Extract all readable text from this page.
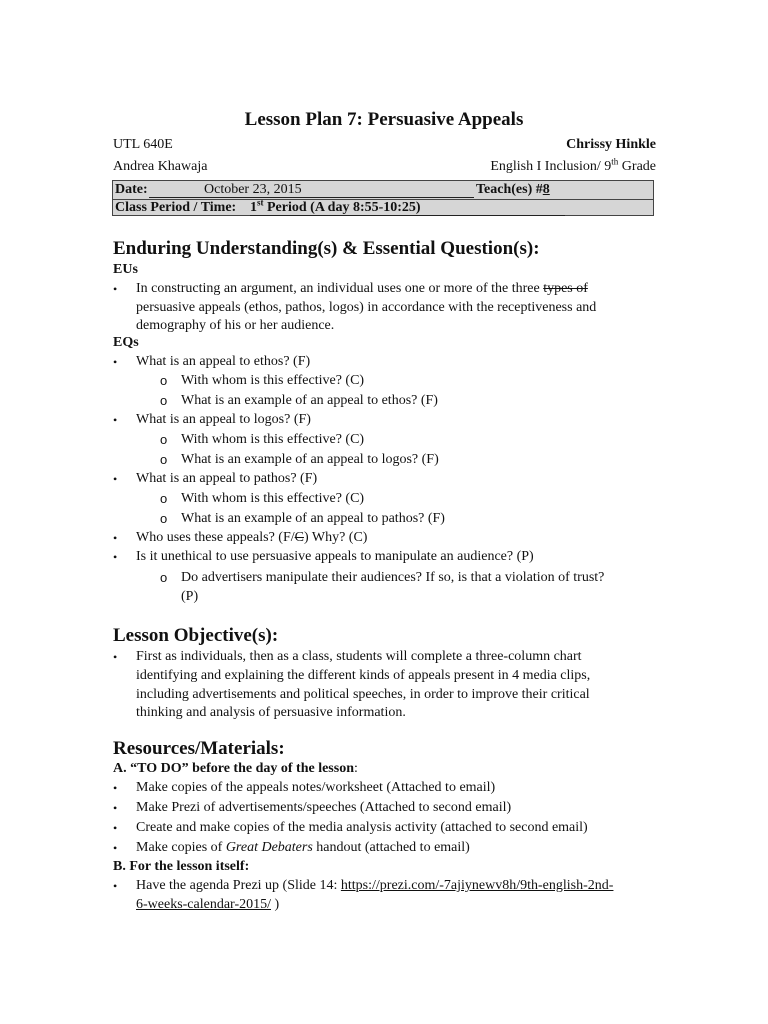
Lesson Plan 7: Persuasive Appeals
UTL 640E	Chrissy Hinkle
Andrea Khawaja	English I Inclusion/ 9th Grade
Date:	October 23, 2015	Teach(es) #8
Class Period / Time: 1st Period (A day 8:55-10:25)
Enduring Understanding(s) & Essential Question(s):
EUs
•	In constructing an argument, an individual uses one or more of the three types of
persuasive appeals (ethos, pathos, logos) in accordance with the receptiveness and
demography of his or her audience.
EQs
•	What is an appeal to ethos? (F)
o With whom is this effective? (C)
o What is an example of an appeal to ethos? (F)
•	What is an appeal to logos? (F)
o With whom is this effective? (C)
o What is an example of an appeal to logos? (F)
•	What is an appeal to pathos? (F)
o With whom is this effective? (C)
o What is an example of an appeal to pathos? (F)
•	Who uses these appeals? (F/C) Why? (C)
•	Is it unethical to use persuasive appeals to manipulate an audience? (P)
o Do advertisers manipulate their audiences? If so, is that a violation of trust?
(P)
Lesson Objective(s):
•	First as individuals, then as a class, students will complete a three-column chart
identifying and explaining the different kinds of appeals present in 4 media clips,
including advertisements and political speeches, in order to improve their critical
thinking and analysis of persuasive information.
Resources/Materials:
A. “TO DO” before the day of the lesson:
•	Make copies of the appeals notes/worksheet (Attached to email)
•	Make Prezi of advertisements/speeches (Attached to second email)
•	Create and make copies of the media analysis activity (attached to second email)
•	Make copies of Great Debaters handout (attached to email)
B. For the lesson itself:
•	Have the agenda Prezi up (Slide 14: https://prezi.com/-7ajiynewv8h/9th-english-2nd-
6-weeks-calendar-2015/ )
